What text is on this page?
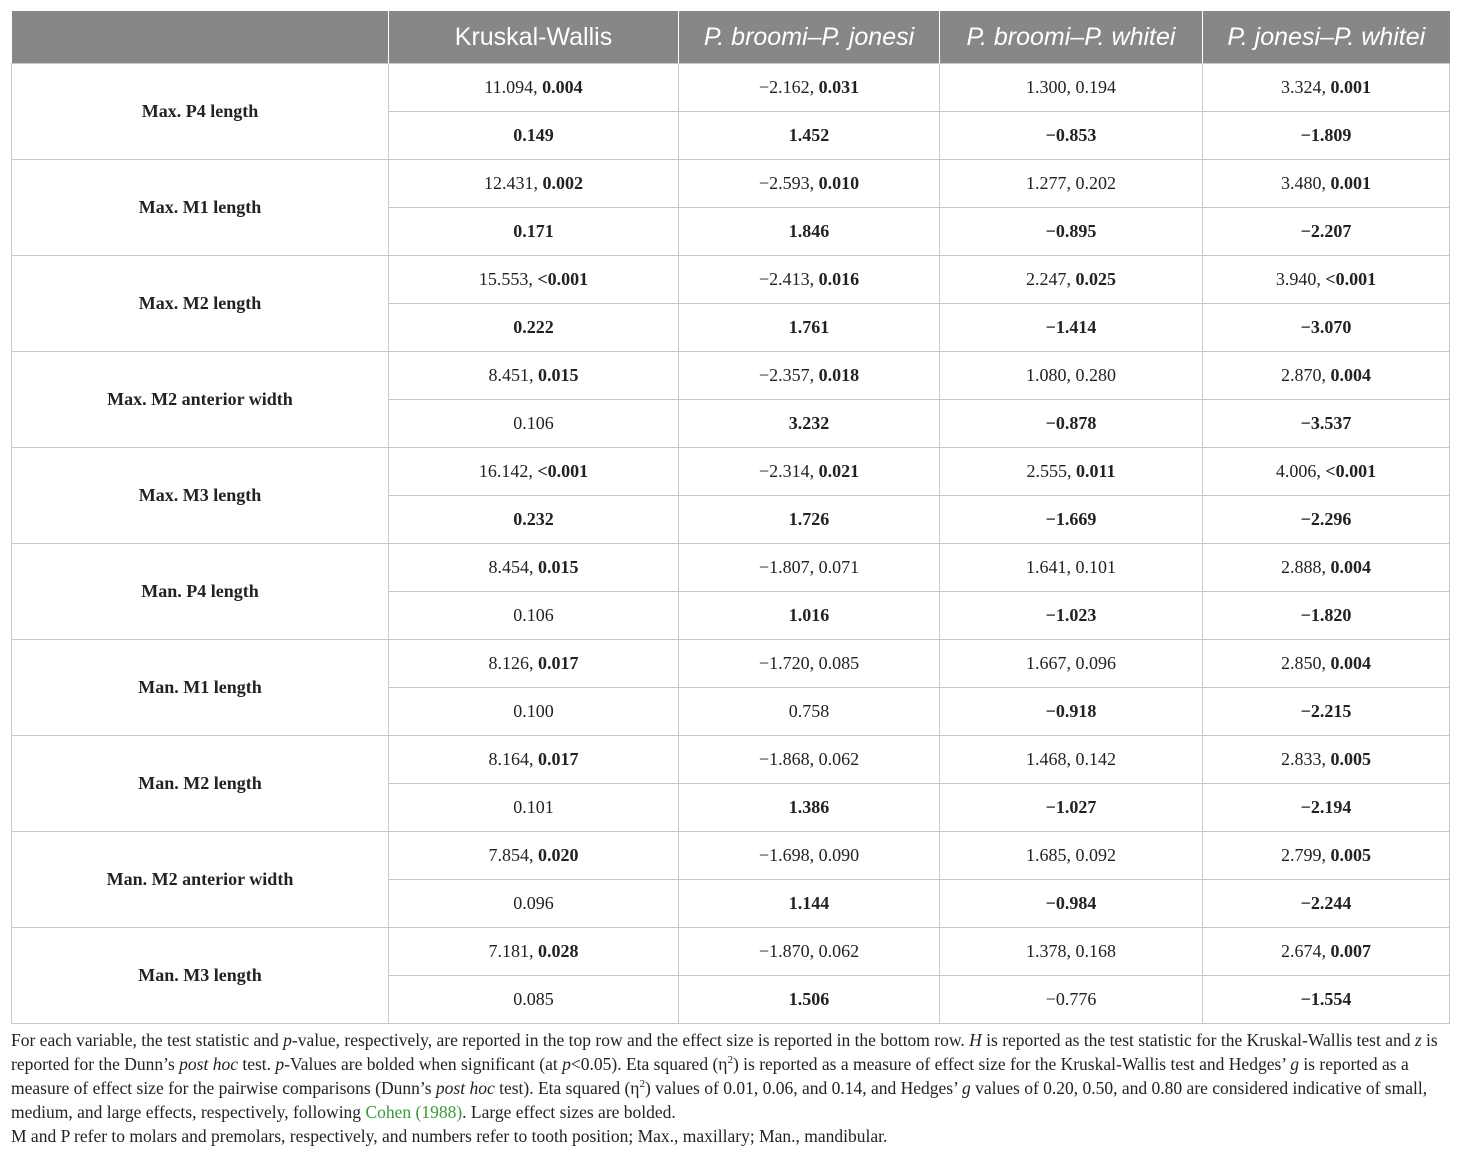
	Kruskal-Wallis	P. broomi–P. jonesi	P. broomi–P. whitei	P. jonesi–P. whitei
Max. P4 length	11.094, 0.004	−2.162, 0.031	1.300, 0.194	3.324, 0.001
	0.149	1.452	−0.853	−1.809
Max. M1 length	12.431, 0.002	−2.593, 0.010	1.277, 0.202	3.480, 0.001
	0.171	1.846	−0.895	−2.207
Max. M2 length	15.553, <0.001	−2.413, 0.016	2.247, 0.025	3.940, <0.001
	0.222	1.761	−1.414	−3.070
Max. M2 anterior width	8.451, 0.015	−2.357, 0.018	1.080, 0.280	2.870, 0.004
	0.106	3.232	−0.878	−3.537
Max. M3 length	16.142, <0.001	−2.314, 0.021	2.555, 0.011	4.006, <0.001
	0.232	1.726	−1.669	−2.296
Man. P4 length	8.454, 0.015	−1.807, 0.071	1.641, 0.101	2.888, 0.004
	0.106	1.016	−1.023	−1.820
Man. M1 length	8.126, 0.017	−1.720, 0.085	1.667, 0.096	2.850, 0.004
	0.100	0.758	−0.918	−2.215
Man. M2 length	8.164, 0.017	−1.868, 0.062	1.468, 0.142	2.833, 0.005
	0.101	1.386	−1.027	−2.194
Man. M2 anterior width	7.854, 0.020	−1.698, 0.090	1.685, 0.092	2.799, 0.005
	0.096	1.144	−0.984	−2.244
Man. M3 length	7.181, 0.028	−1.870, 0.062	1.378, 0.168	2.674, 0.007
	0.085	1.506	−0.776	−1.554

For each variable, the test statistic and p-value, respectively, are reported in the top row and the effect size is reported in the bottom row. H is reported as the test statistic for the Kruskal-Wallis test and z is reported for the Dunn’s post hoc test. p-Values are bolded when significant (at p<0.05). Eta squared $(\eta^2)$ is reported as a measure of effect size for the Kruskal-Wallis test and Hedges’ g is reported as a measure of effect size for the pairwise comparisons (Dunn’s post hoc test). Eta squared $(\eta^2)$ values of 0.01, 0.06, and 0.14, and Hedges’ g values of 0.20, 0.50, and 0.80 are considered indicative of small, medium, and large effects, respectively, following Cohen (1988). Large effect sizes are bolded.

M and P refer to molars and premolars, respectively, and numbers refer to tooth position; Max., maxillary; Man., mandibular.
